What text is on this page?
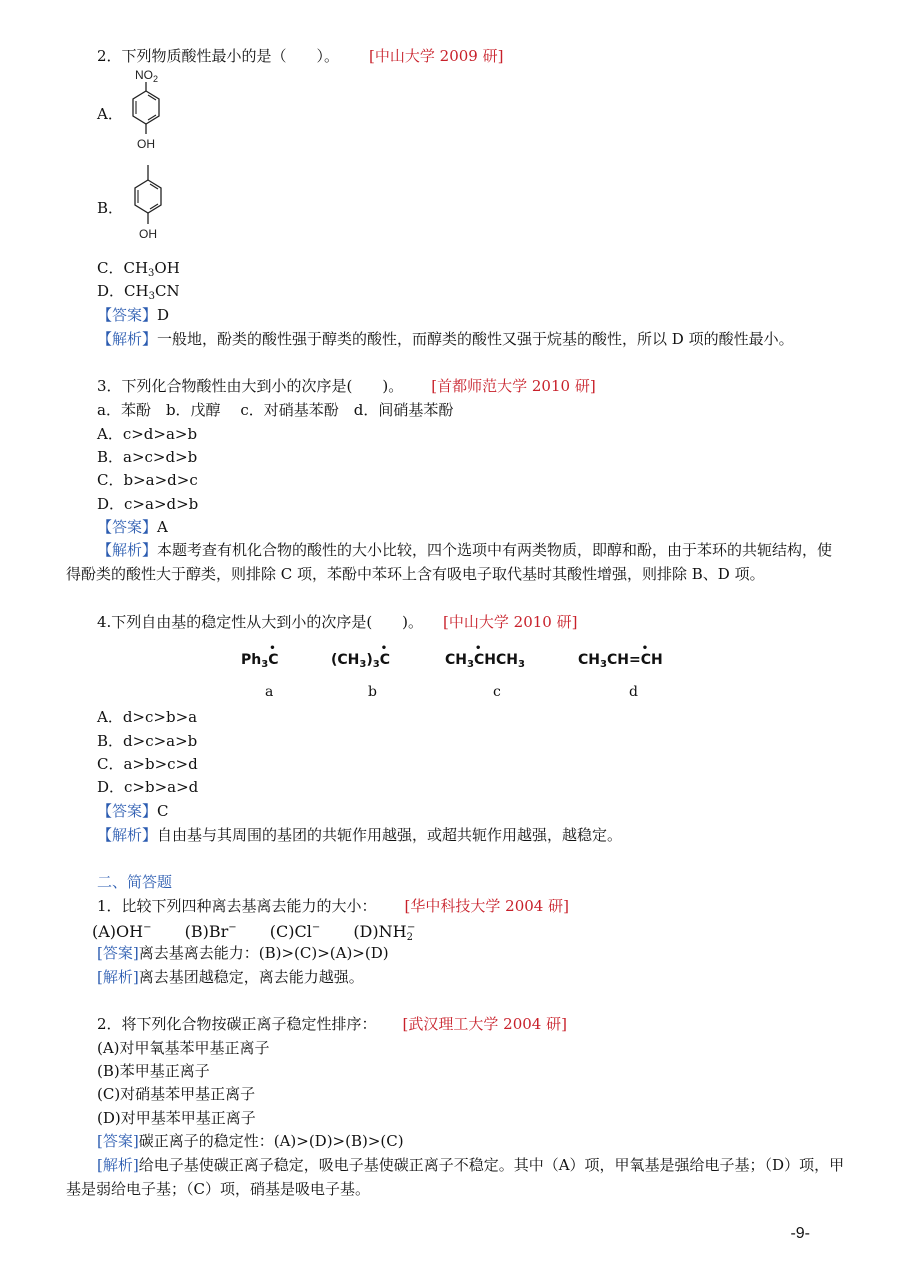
2．下列物质酸性最小的是（　　）。 [中山大学 2009 研]
A．
$NO_2$
OH
B．
OH
C．$CH_3OH$
D．$CH_3CN$
【答案】D
【解析】一般地，酚类的酸性强于醇类的酸性，而醇类的酸性又强于烷基的酸性，所以 D 项的酸性最小。
3．下列化合物酸性由大到小的次序是(　　)。 [首都师范大学 2010 研]
a．苯酚　b．戊醇　 c．对硝基苯酚　d．间硝基苯酚
A．c>d>a>b
B．a>c>d>b
C．b>a>d>c
D．c>a>d>b
【答案】A
【解析】本题考查有机化合物的酸性的大小比较，四个选项中有两类物质，即醇和酚，由于苯环的共轭结构，使得酚类的酸性大于醇类，则排除 C 项，苯酚中苯环上含有吸电子取代基时其酸性增强，则排除 B、D 项。
4.下列自由基的稳定性从大到小的次序是(　　)。 [中山大学 2010 研]
$Ph_3•$ C	$(CH_3)_3•$ C	$CH_3•$ $CHCH_3$	$CH_3CH=•$ CH
a	b	c	d
A．d>c>b>a
B．d>c>a>b
C．a>b>c>d
D．c>b>a>d
【答案】C
【解析】自由基与其周围的基团的共轭作用越强，或超共轭作用越强，越稳定。
二、简答题
1．比较下列四种离去基离去能力的大小： [华中科技大学 2004 研]
(A)OH− (B)Br− (C)Cl− $(D)NH_2^-$
[答案]离去基离去能力：(B)>(C)>(A)>(D)
[解析]离去基团越稳定，离去能力越强。
2．将下列化合物按碳正离子稳定性排序： [武汉理工大学 2004 研]
(A)对甲氧基苯甲基正离子
(B)苯甲基正离子
(C)对硝基苯甲基正离子
(D)对甲基苯甲基正离子
[答案]碳正离子的稳定性：(A)>(D)>(B)>(C)
[解析]给电子基使碳正离子稳定，吸电子基使碳正离子不稳定。其中（A）项，甲氧基是强给电子基；（D）项，甲基是弱给电子基；（C）项，硝基是吸电子基。
-9-
